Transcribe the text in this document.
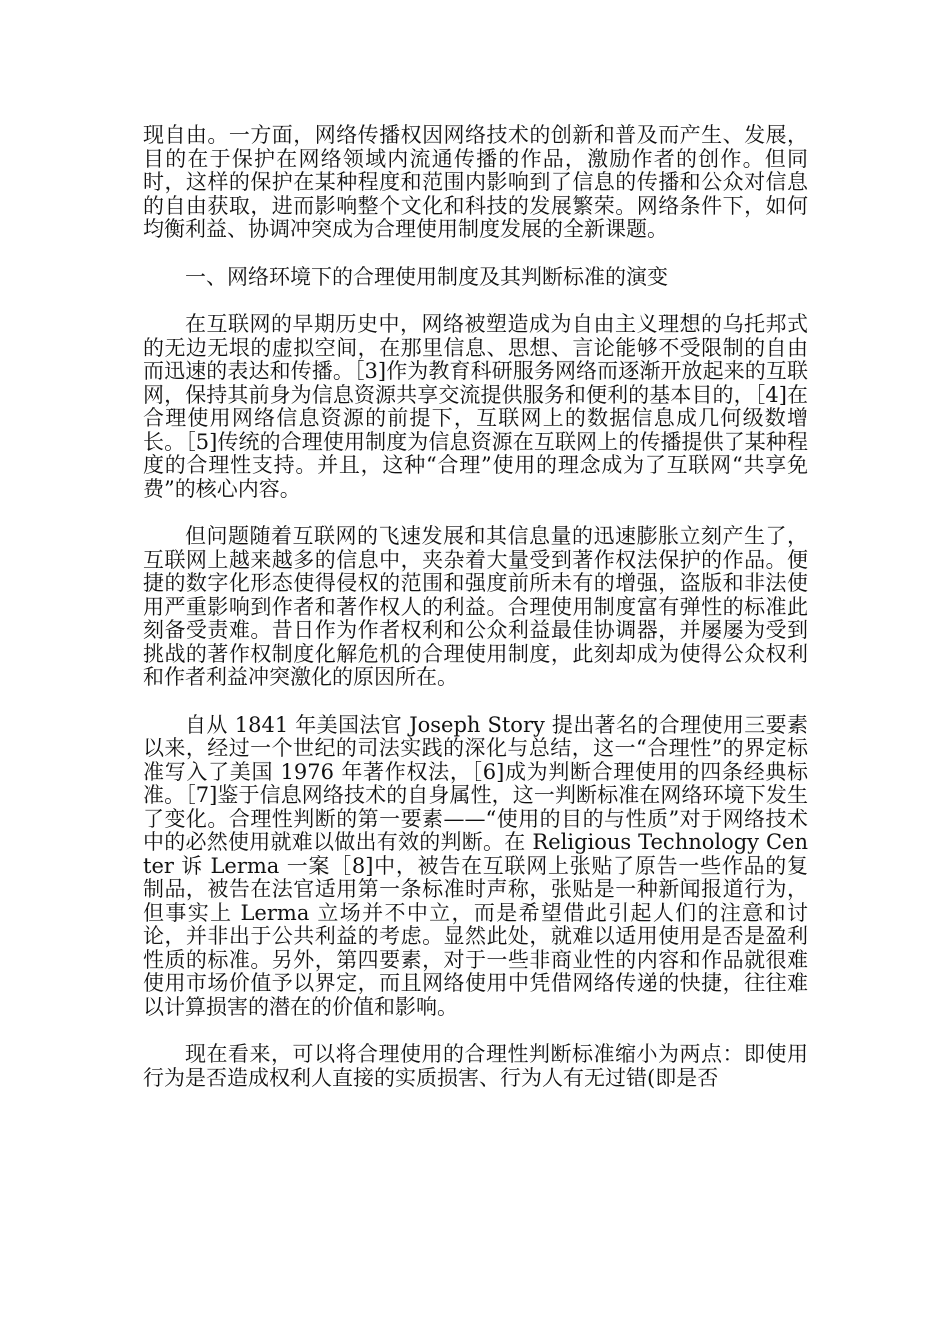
现自由。一方面，网络传播权因网络技术的创新和普及而产生、发展，目的在于保护在网络领域内流通传播的作品，激励作者的创作。但同时，这样的保护在某种程度和范围内影响到了信息的传播和公众对信息的自由获取，进而影响整个文化和科技的发展繁荣。网络条件下，如何均衡利益、协调冲突成为合理使用制度发展的全新课题。

一、网络环境下的合理使用制度及其判断标准的演变

在互联网的早期历史中，网络被塑造成为自由主义理想的乌托邦式的无边无垠的虚拟空间，在那里信息、思想、言论能够不受限制的自由而迅速的表达和传播。［3]作为教育科研服务网络而逐渐开放起来的互联网，保持其前身为信息资源共享交流提供服务和便利的基本目的，［4]在合理使用网络信息资源的前提下，互联网上的数据信息成几何级数增长。［5]传统的合理使用制度为信息资源在互联网上的传播提供了某种程度的合理性支持。并且，这种“合理”使用的理念成为了互联网“共享免费”的核心内容。

但问题随着互联网的飞速发展和其信息量的迅速膨胀立刻产生了，互联网上越来越多的信息中，夹杂着大量受到著作权法保护的作品。便捷的数字化形态使得侵权的范围和强度前所未有的增强，盗版和非法使用严重影响到作者和著作权人的利益。合理使用制度富有弹性的标准此刻备受责难。昔日作为作者权利和公众利益最佳协调器，并屡屡为受到挑战的著作权制度化解危机的合理使用制度，此刻却成为使得公众权利和作者利益冲突激化的原因所在。

自从 1841 年美国法官 Joseph Story 提出著名的合理使用三要素以来，经过一个世纪的司法实践的深化与总结，这一“合理性”的界定标准写入了美国 1976 年著作权法，［6]成为判断合理使用的四条经典标准。［7]鉴于信息网络技术的自身属性，这一判断标准在网络环境下发生了变化。合理性判断的第一要素——“使用的目的与性质”对于网络技术中的必然使用就难以做出有效的判断。在 Religious Technology Center 诉 Lerma 一案［8]中，被告在互联网上张贴了原告一些作品的复制品，被告在法官适用第一条标准时声称，张贴是一种新闻报道行为，但事实上 Lerma 立场并不中立，而是希望借此引起人们的注意和讨论，并非出于公共利益的考虑。显然此处，就难以适用使用是否是盈利性质的标准。另外，第四要素，对于一些非商业性的内容和作品就很难使用市场价值予以界定，而且网络使用中凭借网络传递的快捷，往往难以计算损害的潜在的价值和影响。

现在看来，可以将合理使用的合理性判断标准缩小为两点：即使用行为是否造成权利人直接的实质损害、行为人有无过错(即是否
